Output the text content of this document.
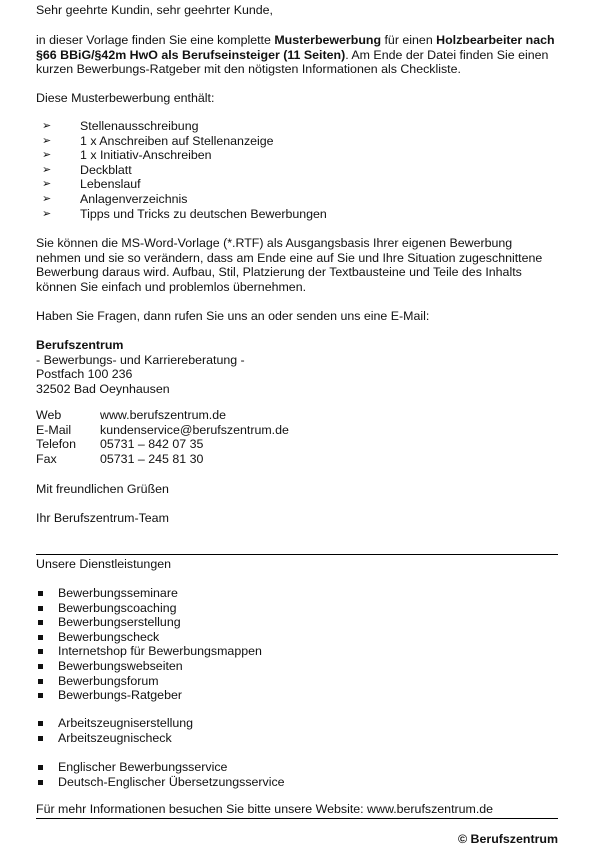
Sehr geehrte Kundin, sehr geehrter Kunde,

in dieser Vorlage finden Sie eine komplette Musterbewerbung für einen Holzbearbeiter nach §66 BBiG/§42m HwO als Berufseinsteiger (11 Seiten). Am Ende der Datei finden Sie einen kurzen Bewerbungs-Ratgeber mit den nötigsten Informationen als Checkliste.

Diese Musterbewerbung enthält:

➢ Stellenausschreibung
➢ 1 x Anschreiben auf Stellenanzeige
➢ 1 x Initiativ-Anschreiben
➢ Deckblatt
➢ Lebenslauf
➢ Anlagenverzeichnis
➢ Tipps und Tricks zu deutschen Bewerbungen

Sie können die MS-Word-Vorlage (*.RTF) als Ausgangsbasis Ihrer eigenen Bewerbung nehmen und sie so verändern, dass am Ende eine auf Sie und Ihre Situation zugeschnittene Bewerbung daraus wird. Aufbau, Stil, Platzierung der Textbausteine und Teile des Inhalts können Sie einfach und problemlos übernehmen.

Haben Sie Fragen, dann rufen Sie uns an oder senden uns eine E-Mail:

Berufszentrum

- Bewerbungs- und Karriereberatung -

Postfach 100 236

32502 Bad Oeynhausen

Web	www.berufszentrum.de
E-Mail	kundenservice@berufszentrum.de
Telefon	05731 – 842 07 35
Fax	05731 – 245 81 30

Mit freundlichen Grüßen

Ihr Berufszentrum-Team

Unsere Dienstleistungen

Bewerbungsseminare
Bewerbungscoaching
Bewerbungserstellung
Bewerbungscheck
Internetshop für Bewerbungsmappen
Bewerbungswebseiten
Bewerbungsforum
Bewerbungs-Ratgeber
Arbeitszeugniserstellung
Arbeitszeugnischeck
Englischer Bewerbungsservice
Deutsch-Englischer Übersetzungsservice

Für mehr Informationen besuchen Sie bitte unsere Website: www.berufszentrum.de

© Berufszentrum
